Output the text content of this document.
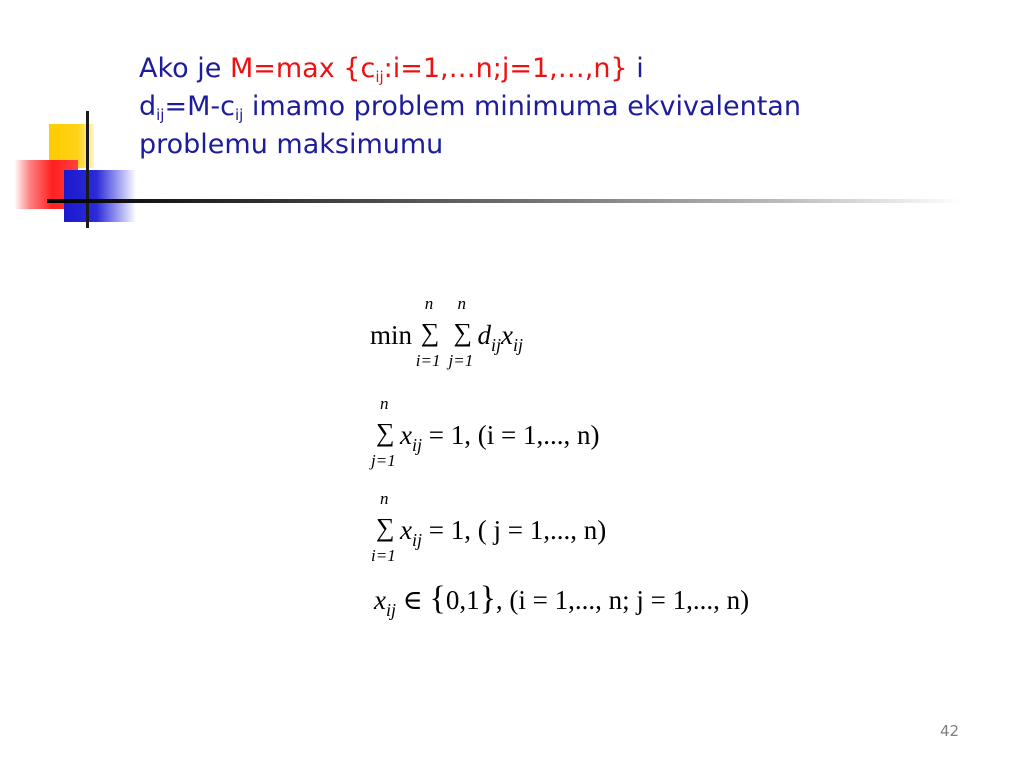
Ako je M=max $\{c_{ij}:i=1,\dots n;j=1,\dots,n\}$ i
$d_{ij}=M-c_{ij}$ imamo problem minimuma ekvivalentan
problemu maksimumu
min
n
∑
i=1

n
∑
j=1
$d_{ij}x_{ij}$
n
∑
j=1
$x_{ij} = 1$, (i = 1,..., n)
n
∑
i=1
$x_{ij} = 1$, ( j = 1,..., n)
$x_{ij}$ ∈ {0,1}, (i = 1,..., n; j = 1,..., n)
42
